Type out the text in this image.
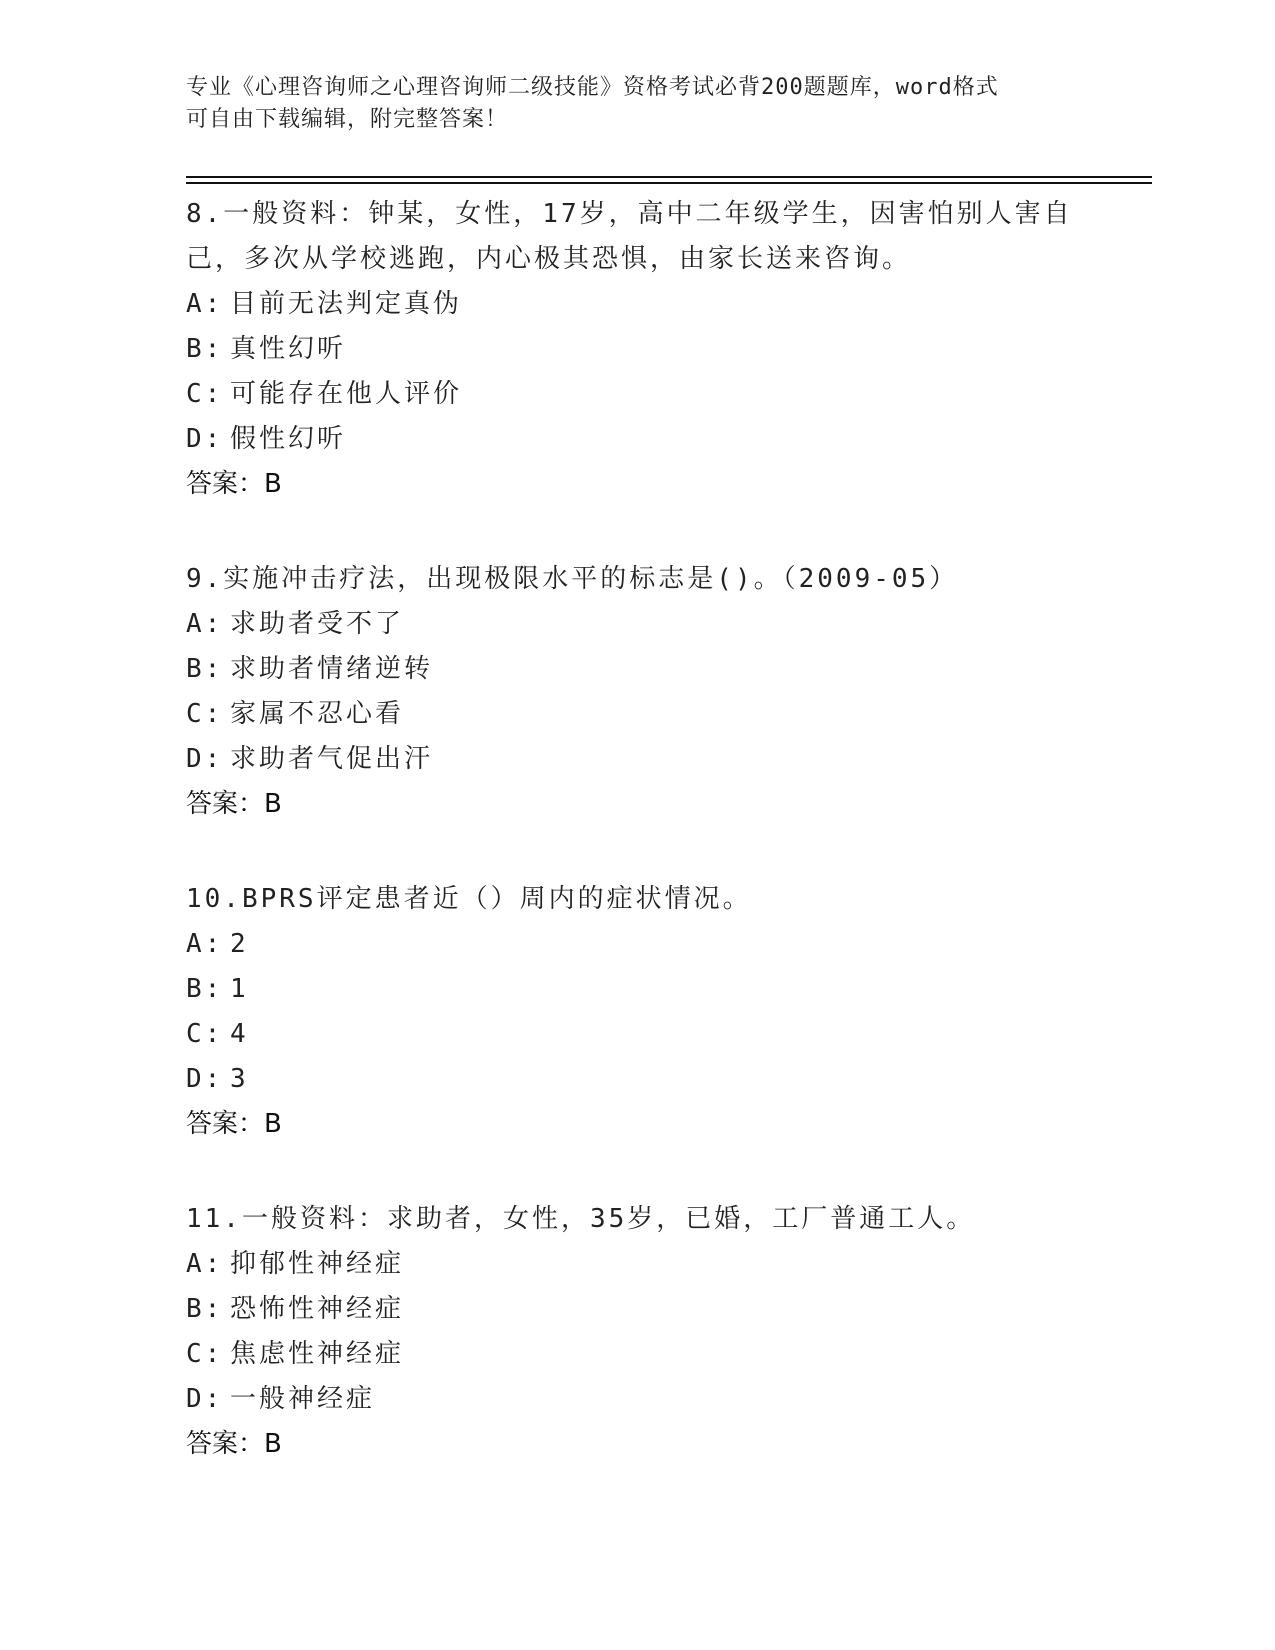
专业《心理咨询师之心理咨询师二级技能》资格考试必背200题题库，word格式
可自由下载编辑，附完整答案！

8.一般资料：钟某，女性，17岁，高中二年级学生，因害怕别人害自己，多次从学校逃跑，内心极其恐惧，由家长送来咨询。

A: 目前无法判定真伪
B: 真性幻听
C: 可能存在他人评价
D: 假性幻听
答案：B

9.实施冲击疗法，出现极限水平的标志是()。（2009-05）

A: 求助者受不了
B: 求助者情绪逆转
C: 家属不忍心看
D: 求助者气促出汗
答案：B

10.BPRS评定患者近（）周内的症状情况。

A: 2
B: 1
C: 4
D: 3
答案：B

11.一般资料：求助者，女性，35岁，已婚，工厂普通工人。

A: 抑郁性神经症
B: 恐怖性神经症
C: 焦虑性神经症
D: 一般神经症
答案：B
